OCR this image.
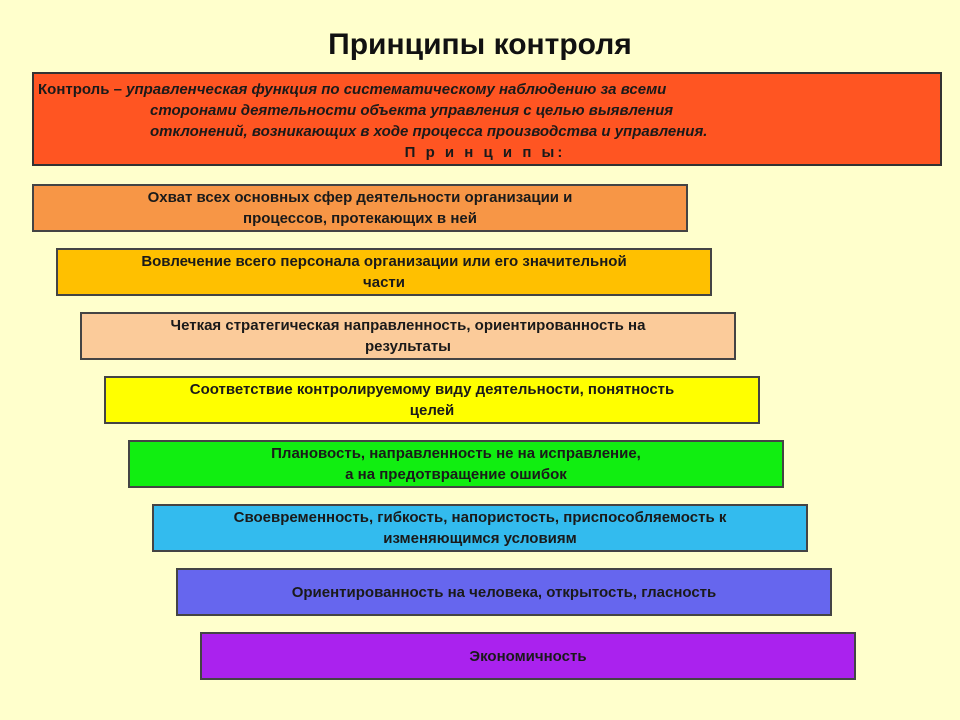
Принципы контроля
Контроль – управленческая функция по систематическому наблюдению за всеми
сторонами деятельности объекта управления с целью выявления
отклонений, возникающих в ходе процесса производства и управления.
П р и н ц и п ы:
Охват всех основных сфер деятельности организации и
процессов, протекающих в ней
Вовлечение всего персонала организации или его значительной
части
Четкая стратегическая направленность, ориентированность на
результаты
Соответствие контролируемому виду деятельности, понятность
целей
Плановость, направленность не на исправление,
а на предотвращение ошибок
Своевременность, гибкость, напористость, приспособляемость к
изменяющимся условиям
Ориентированность на человека, открытость, гласность
Экономичность
